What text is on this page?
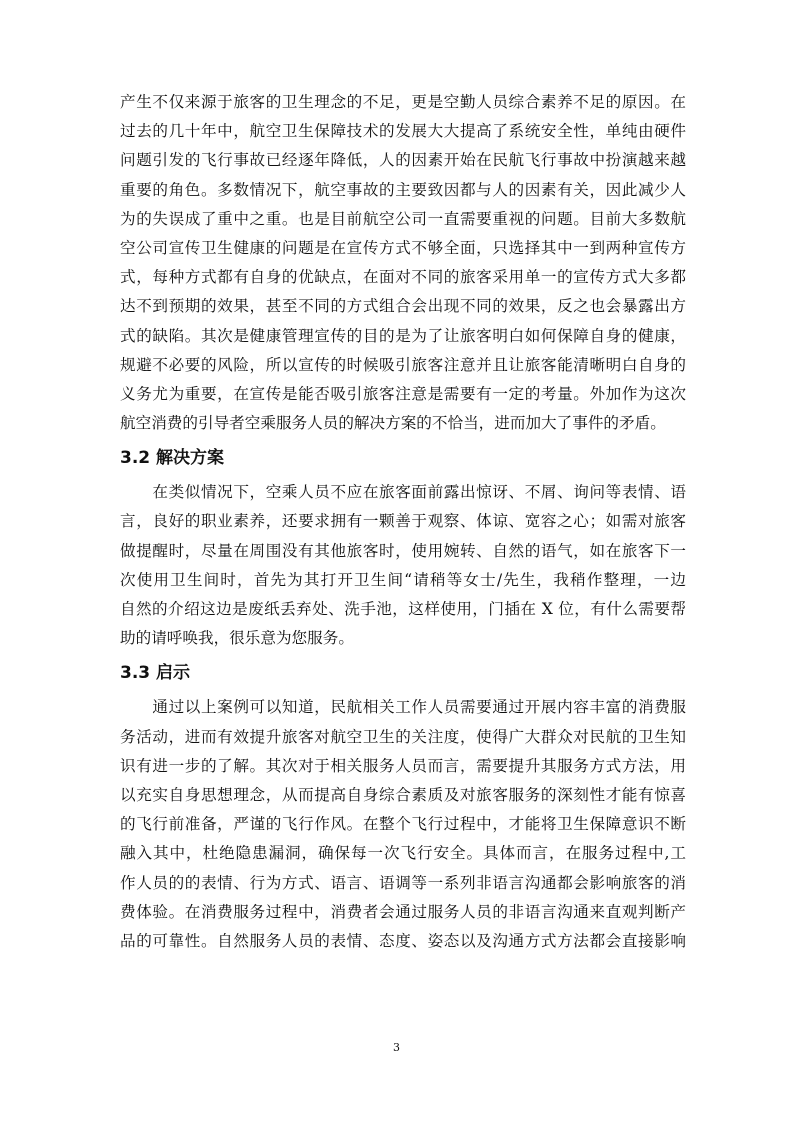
产生不仅来源于旅客的卫生理念的不足，更是空勤人员综合素养不足的原因。在
过去的几十年中，航空卫生保障技术的发展大大提高了系统安全性，单纯由硬件
问题引发的飞行事故已经逐年降低，人的因素开始在民航飞行事故中扮演越来越
重要的角色。多数情况下，航空事故的主要致因都与人的因素有关，因此减少人
为的失误成了重中之重。也是目前航空公司一直需要重视的问题。目前大多数航
空公司宣传卫生健康的问题是在宣传方式不够全面，只选择其中一到两种宣传方
式，每种方式都有自身的优缺点，在面对不同的旅客采用单一的宣传方式大多都
达不到预期的效果，甚至不同的方式组合会出现不同的效果，反之也会暴露出方
式的缺陷。其次是健康管理宣传的目的是为了让旅客明白如何保障自身的健康，
规避不必要的风险，所以宣传的时候吸引旅客注意并且让旅客能清晰明白自身的
义务尤为重要，在宣传是能否吸引旅客注意是需要有一定的考量。外加作为这次
航空消费的引导者空乘服务人员的解决方案的不恰当，进而加大了事件的矛盾。
3.2 解决方案
　　在类似情况下，空乘人员不应在旅客面前露出惊讶、不屑、询问等表情、语
言，良好的职业素养，还要求拥有一颗善于观察、体谅、宽容之心；如需对旅客
做提醒时，尽量在周围没有其他旅客时，使用婉转、自然的语气，如在旅客下一
次使用卫生间时，首先为其打开卫生间“请稍等女士/先生，我稍作整理，一边
自然的介绍这边是废纸丢弃处、洗手池，这样使用，门插在 X 位，有什么需要帮
助的请呼唤我，很乐意为您服务。
3.3 启示
　　通过以上案例可以知道，民航相关工作人员需要通过开展内容丰富的消费服
务活动，进而有效提升旅客对航空卫生的关注度，使得广大群众对民航的卫生知
识有进一步的了解。其次对于相关服务人员而言，需要提升其服务方式方法，用
以充实自身思想理念，从而提高自身综合素质及对旅客服务的深刻性才能有惊喜
的飞行前准备，严谨的飞行作风。在整个飞行过程中，才能将卫生保障意识不断
融入其中，杜绝隐患漏洞，确保每一次飞行安全。具体而言，在服务过程中,工
作人员的的表情、行为方式、语言、语调等一系列非语言沟通都会影响旅客的消
费体验。在消费服务过程中，消费者会通过服务人员的非语言沟通来直观判断产
品的可靠性。自然服务人员的表情、态度、姿态以及沟通方式方法都会直接影响
3
